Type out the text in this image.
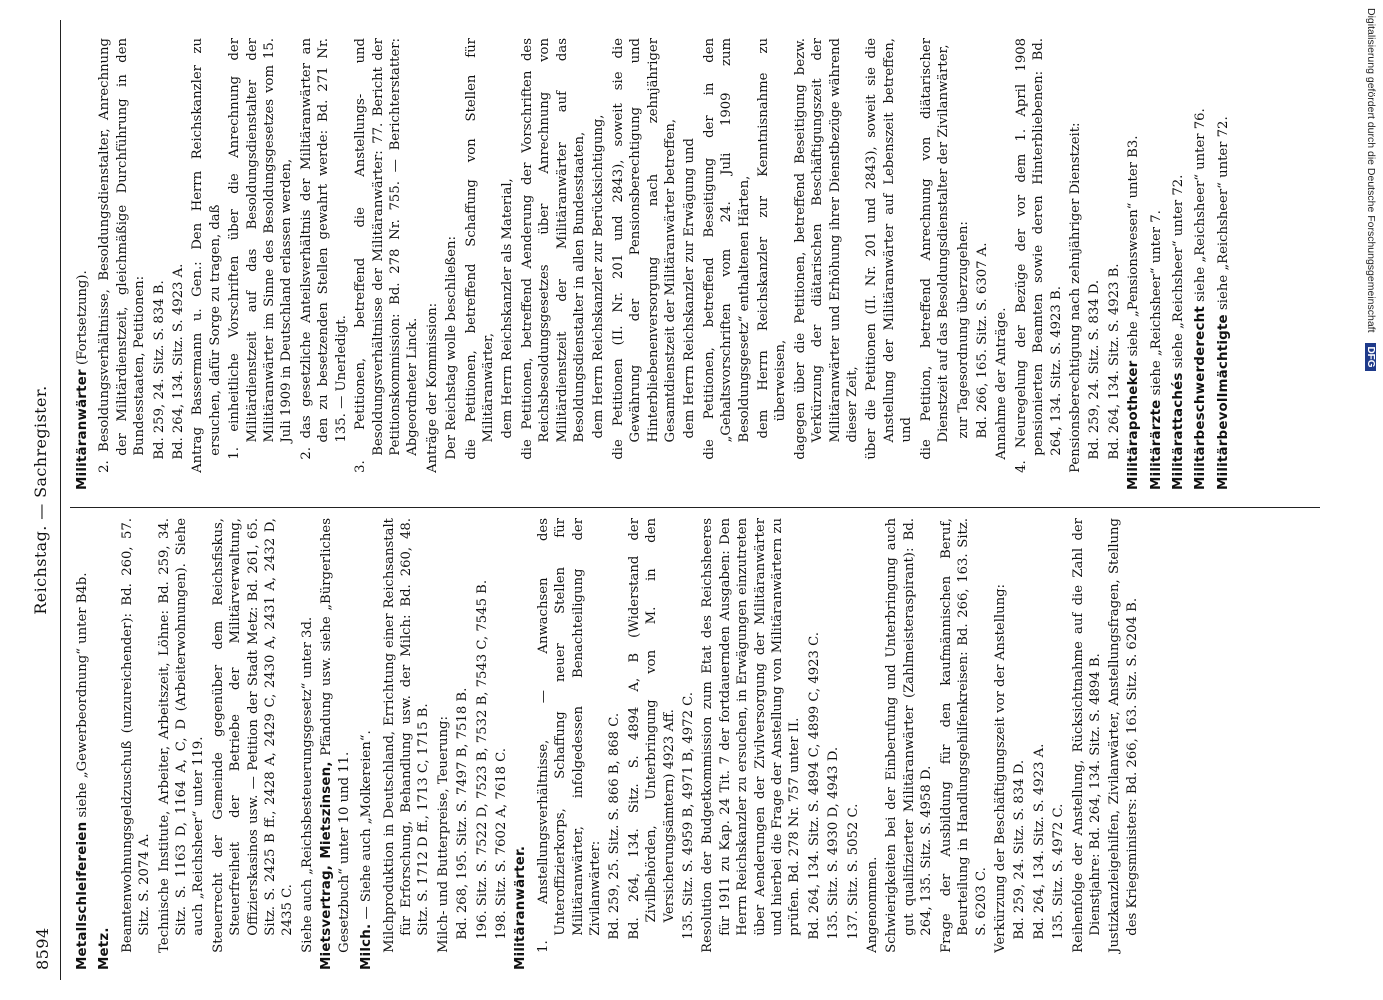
8594
Reichstag. — Sachregister.
Metallschleifereien siehe „Gewerbeordnung“ unter B4b.
Metz. Beamtenwohnungsgeldzuschuß (unzureichender): Bd. 260, 57. Sitz. S. 2074 A. Technische Institute, Arbeiter, Arbeitszeit, Löhne: Bd. 259, 34. Sitz. S. 1163 D, 1164 A, C, D (Arbeiterwohnungen). Siehe auch „Reichsheer“ unter 119. Steuerrecht der Gemeinde gegenüber dem Reichsfiskus, Steuerfreiheit der Betriebe der Militärverwaltung, Offizierskasinos usw. — Petition der Stadt Metz: Bd. 261, 65. Sitz. S. 2425 B ff., 2428 A, 2429 C, 2430 A, 2431 A, 2432 D, 2435 C. Siehe auch „Reichsbesteuerungsgesetz“ unter 3d. Mietsvertrag, Mietszinsen, Pfändung usw. siehe „Bürgerliches Gesetzbuch“ unter 10 und 11. Milch. — Siehe auch „Molkereien“. Milchproduktion in Deutschland, Errichtung einer Reichsanstalt für Erforschung, Behandlung usw. der Milch: Bd. 260, 48. Sitz. S. 1712 D ff., 1713 C, 1715 B. Milch- und Butterpreise, Teuerung: Bd. 268, 195. Sitz. S. 7497 B, 7518 B. 196. Sitz. S. 7522 D, 7523 B, 7532 B, 7543 C, 7545 B. 198. Sitz. S. 7602 A, 7618 C. Militäranwärter. 1. Anstellungsverhältnisse, — Anwachsen des Unteroffizierkorps, Schaffung neuer Stellen für Militäranwärter, infolgedessen Benachteiligung der Zivilanwärter: Bd. 259, 25. Sitz. S. 866 B, 868 C. Bd. 264, 134. Sitz. S. 4894 A, B (Widerstand der Zivilbehörden, Unterbringung von M. in den Versicherungsämtern) 4923 Aff. 135. Sitz. S. 4959 B, 4971 B, 4972 C. Resolution der Budgetkommission zum Etat des Reichsheeres für 1911 zu Kap. 24 Tit. 7 der fortdauernden Ausgaben: Den Herrn Reichskanzler zu ersuchen, in Erwägungen einzutreten über Aenderungen der Zivilversorgung der Militäranwärter und hierbei die Frage der Anstellung von Militäranwärtern zu prüfen. Bd. 278 Nr. 757 unter II. Bd. 264, 134. Sitz. S. 4894 C, 4899 C, 4923 C. 135. Sitz. S. 4930 D, 4943 D. 137. Sitz. S. 5052 C. Angenommen. Schwierigkeiten bei der Einberufung und Unterbringung auch gut qualifizierter Militäranwärter (Zahlmeisteraspirant): Bd. 264, 135. Sitz. S. 4958 D. Frage der Ausbildung für den kaufmännischen Beruf, Beurteilung in Handlungsgehilfenkreisen: Bd. 266, 163. Sitz. S. 6203 C. Verkürzung der Beschäftigungszeit vor der Anstellung: Bd. 259, 24. Sitz. S. 834 D. Bd. 264, 134. Sitz. S. 4923 A. 135. Sitz. S. 4972 C. Reihenfolge der Anstellung, Rücksichtnahme auf die Zahl der Dienstjahre: Bd. 264, 134. Sitz. S. 4894 B. Justizkanzleigehilfen, Zivilanwärter, Anstellungsfragen, Stellung des Kriegsministers: Bd. 266, 163. Sitz. S. 6204 B.
Militäranwärter (Fortsetzung). 2. Besoldungsverhältnisse, Besoldungsdienstalter, Anrechnung der Militärdienstzeit, gleichmäßige Durchführung in den Bundesstaaten, Petitionen: Bd. 259, 24. Sitz. S. 834 B. Bd. 264, 134. Sitz. S. 4923 A. Antrag Bassermann u. Gen.: Den Herrn Reichskanzler zu ersuchen, dafür Sorge zu tragen, daß 1. einheitliche Vorschriften über die Anrechnung der Militärdienstzeit auf das Besoldungsdienstalter der Militäranwärter im Sinne des Besoldungsgesetzes vom 15. Juli 1909 in Deutschland erlassen werden, 2. das gesetzliche Anteilsverhältnis der Militäranwärter an den zu besetzenden Stellen gewahrt werde: Bd. 271 Nr. 135. — Unerledigt. 3. Petitionen, betreffend die Anstellungs- und Besoldungsverhältnisse der Militäranwärter: 77. Bericht der Petitionskommission: Bd. 278 Nr. 755. — Berichterstatter: Abgeordneter Linck. Anträge der Kommission: Der Reichstag wolle beschließen: die Petitionen, betreffend Schaffung von Stellen für Militäranwärter, dem Herrn Reichskanzler als Material, die Petitionen, betreffend Aenderung der Vorschriften des Reichsbesoldungsgesetzes über Anrechnung von Militärdienstzeit der Militäranwärter auf das Besoldungsdienstalter in allen Bundesstaaten, dem Herrn Reichskanzler zur Berücksichtigung, die Petitionen (II. Nr. 201 und 2843), soweit sie die Gewährung der Pensionsberechtigung und Hinterbliebenenversorgung nach zehnjähriger Gesamtdienstzeit der Militäranwärter betreffen, dem Herrn Reichskanzler zur Erwägung und die Petitionen, betreffend Beseitigung der in den „Gehaltsvorschriften vom 24. Juli 1909 zum Besoldungsgesetz“ enthaltenen Härten, dem Herrn Reichskanzler zur Kenntnisnahme zu überweisen, dagegen über die Petitionen, betreffend Beseitigung bezw. Verkürzung der diätarischen Beschäftigungszeit der Militäranwärter und Erhöhung ihrer Dienstbezüge während dieser Zeit, über die Petitionen (II. Nr. 201 und 2843), soweit sie die Anstellung der Militäranwärter auf Lebenszeit betreffen, und die Petition, betreffend Anrechnung von diätarischer Dienstzeit auf das Besoldungsdienstalter der Zivilanwärter, zur Tagesordnung überzugehen: Bd. 266, 165. Sitz. S. 6307 A. Annahme der Anträge. 4. Neuregelung der Bezüge der vor dem 1. April 1908 pensionierten Beamten sowie deren Hinterbliebenen: Bd. 264, 134. Sitz. S. 4923 B. Pensionsberechtigung nach zehnjähriger Dienstzeit: Bd. 259, 24. Sitz. S. 834 D. Bd. 264, 134. Sitz. S. 4923 B. Militärapotheker siehe „Pensionswesen“ unter B3.
Militärärzte siehe „Reichsheer“ unter 7.
Militärattachés siehe „Reichsheer“ unter 72.
Militärbeschwerderecht siehe „Reichsheer“ unter 76.
Militärbevollmächtigte siehe „Reichsheer“ unter 72.	Digitalisierung gefördert durch die Deutsche Forschungsgemeinschaft DFG
